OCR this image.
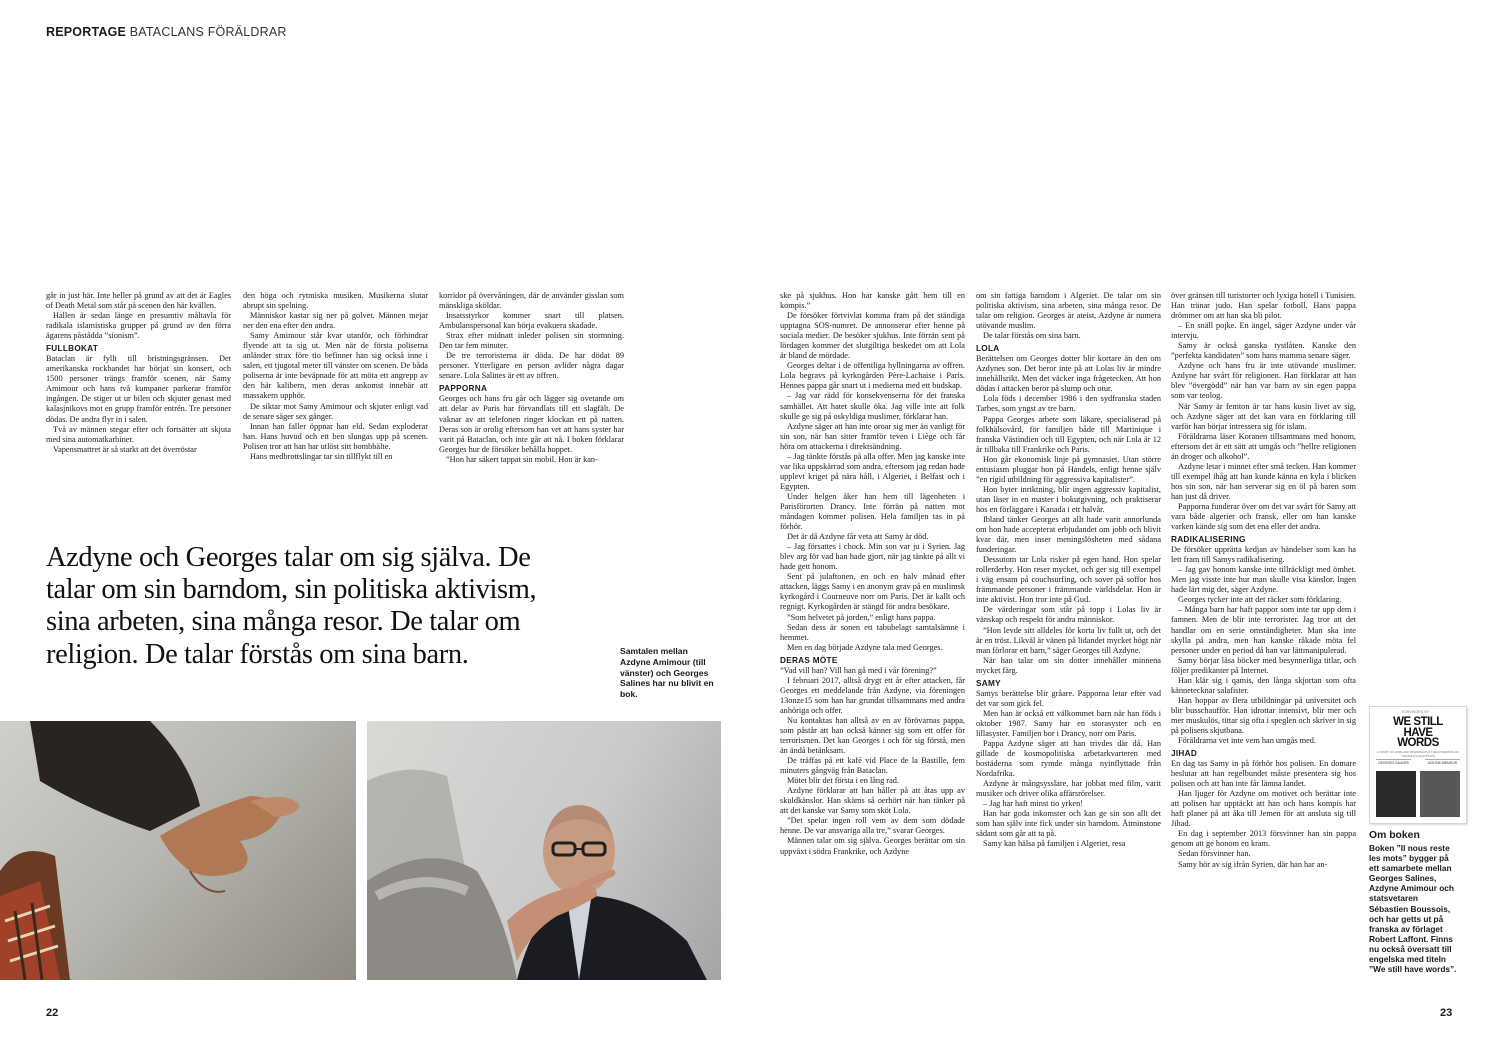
REPORTAGE BATACLANS FÖRÄLDRAR

går in just här. Inte heller på grund av att det är Eagles of Death Metal som står på scenen den här kvällen.

Hallen är sedan länge en presumtiv måltavla för radikala islamistiska grupper på grund av den förra ägarens påstådda ”sionism”.

FULLBOKAT

Bataclan är fyllt till bristningsgränsen. Det amerikanska rockbandet har börjat sin konsert, och 1500 personer trängs framför scenen, när Samy Amimour och hans två kumpaner parkerar framför ingången. De stiger ut ur bilen och skjuter genast med kalasjnikovs mot en grupp framför entrén. Tre personer dödas. De andra flyr in i salen.

Två av männen stegar efter och fortsätter att skjuta med sina automatkarbiner.

Vapensmattret är så starkt att det överröstar

den höga och rytmiska musiken. Musikerna slutar abrupt sin spelning.

Människor kastar sig ner på golvet. Männen mejar ner den ena efter den andra.

Samy Amimour står kvar utanför, och förhindrar flyende att ta sig ut. Men när de första poliserna anländer strax före tio befinner han sig också inne i salen, ett tjugotal meter till vänster om scenen. De båda poliserna är inte beväpnade för att möta ett angrepp av den här kalibern, men deras ankomst innebär att massakern upphör.

De siktar mot Samy Amimour och skjuter enligt vad de senare säger sex gånger.

Innan han faller öppnar han eld. Sedan exploderar han. Hans huvud och ett ben slungas upp på scenen. Polisen tror att han har utlöst sitt bombbälte.

Hans medbrottslingar tar sin tillflykt till en

korridor på övervåningen, där de använder gisslan som mänskliga sköldar.

Insatsstyrkor kommer snart till platsen. Ambulanspersonal kan börja evakuera skadade.

Strax efter midnatt inleder polisen sin stormning. Den tar fem minuter.

De tre terroristerna är döda. De har dödat 89 personer. Ytterligare en person avlider några dagar senare. Lola Salines är ett av offren.

PAPPORNA

Georges och hans fru går och lägger sig ovetande om att delar av Paris har förvandlats till ett slagfält. De vaknar av att telefonen ringer klockan ett på natten. Deras son är orolig eftersom han vet att hans syster har varit på Bataclan, och inte går att nå. I boken förklarar Georges hur de försöker behålla hoppet.

”Hon har säkert tappat sin mobil. Hon är kan-

Azdyne och Georges talar om sig själva. De talar om sin barndom, sin politiska aktivism, sina arbeten, sina många resor. De talar om religion. De talar förstås om sina barn.	Samtalen mellan Azdyne Amimour (till vänster) och Georges Salines har nu blivit en bok.
22

ske på sjukhus. Hon har kanske gått hem till en kompis.”

De försöker förtvivlat komma fram på det ständiga upptagna SOS-numret. De annonserar efter henne på sociala medier. De besöker sjukhus. Inte förrän sent på lördagen kommer det slutgiltiga beskedet om att Lola är bland de mördade.

Georges deltar i de offentliga hyllningarna av offren. Lola begravs på kyrkogården Père-Lachaise i Paris. Hennes pappa går snart ut i medierna med ett budskap.

– Jag var rädd för konsekvenserna för det franska samhället. Att hatet skulle öka. Jag ville inte att folk skulle ge sig på oskyldiga muslimer, förklarar han.

Azdyne säger att han inte oroar sig mer än vanligt för sin son, när han sitter framför teven i Liège och får höra om attackerna i direktsändning.

– Jag tänkte förstås på alla offer. Men jag kanske inte var lika uppskärrad som andra, eftersom jag redan hade upplevt kriget på nära håll, i Algeriet, i Belfast och i Egypten.

Under helgen åker han hem till lägenheten i Parisförorten Drancy. Inte förrän på natten mot måndagen kommer polisen. Hela familjen tas in på förhör.

Det är då Azdyne får veta att Samy är död.

– Jag försattes i chock. Min son var ju i Syrien. Jag blev arg för vad han hade gjort, när jag tänkte på allt vi hade gett honom.

Sent på julaftonen, en och en halv månad efter attacken, läggs Samy i en anonym grav på en muslimsk kyrkogård i Courneuve norr om Paris. Det är kallt och regnigt. Kyrkogården är stängd för andra besökare.

”Som helvetet på jorden,” enligt hans pappa.

Sedan dess är sonen ett tabubelagt samtalsämne i hemmet.

Men en dag började Azdyne tala med Georges.

DERAS MÖTE

”Vad vill han? Vill han gå med i vår förening?”

I februari 2017, alltså drygt ett år efter attacken, får Georges ett meddelande från Azdyne, via föreningen 13onze15 som han har grundat tillsammans med andra anhöriga och offer.

Nu kontaktas han alltså av en av förövarnas pappa, som påstår att han också känner sig som ett offer för terrorismen. Det kan Georges i och för sig förstå, men än ändå betänksam.

De träffas på ett kafé vid Place de la Bastille, fem minuters gångväg från Bataclan.

Mötet blir det första i en lång rad.

Azdyne förklarar att han håller på att åtas upp av skuldkänslor. Han skäms så oerhört när han tänker på att det kanske var Samy som sköt Lola.

”Det spelar ingen roll vem av dem som dödade henne. De var ansvariga alla tre,” svarar Georges.

Männen talar om sig själva. Georges berättar om sin uppväxt i södra Frankrike, och Azdyne

om sin fattiga barndom i Algeriet. De talar om sin politiska aktivism, sina arbeten, sina många resor. De talar om religion. Georges är ateist, Azdyne är numera utövande muslim.

De talar förstås om sina barn.

LOLA

Berättelsen om Georges dotter blir kortare än den om Azdynes son. Det beror inte på att Lolas liv är mindre innehållsrikt. Men det väcker inga frågetecken. Att hon dödas i attacken beror på slump och otur.

Lola föds i december 1986 i den sydfranska staden Tarbes, som yngst av tre barn.

Pappa Georges arbete som läkare, specialiserad på folkhälsovård, för familjen både till Martinique i franska Västindien och till Egypten, och när Lola är 12 år tillbaka till Frankrike och Paris.

Hon går ekonomisk linje på gymnasiet. Utan större entusiasm pluggar hon på Handels, enligt henne själv ”en rigid utbildning för aggressiva kapitalister”.

Hon byter inriktning, blir ingen aggressiv kapitalist, utan läser in en master i bokutgivning, och praktiserar hos en förläggare i Kanada i ett halvår.

Ibland tänker Georges att allt hade varit annorlunda om hon hade accepterat erbjudandet om jobb och blivit kvar där, men inser meningslösheten med sådana funderingar.

Dessutom tar Lola risker på egen hand. Hon spelar rollerderby. Hon reser mycket, och ger sig till exempel i väg ensam på couchsurfing, och sover på soffor hos främmande personer i främmande världsdelar. Hon är inte aktivist. Hon tror inte på Gud.

De värderingar som står på topp i Lolas liv är vänskap och respekt för andra människor.

”Hon levde sitt alldeles för korta liv fullt ut, och det är en tröst. Likväl är vänen på lidandet mycket högt när man förlorar ett barn,” säger Georges till Azdyne.

När han talar om sin dotter innehåller minnena mycket färg.

SAMY

Samys berättelse blir gråare. Papporna letar efter vad det var som gick fel.

Men han är också ett välkommet barn när han föds i oktober 1987. Samy har en storasyster och en lillasyster. Familjen bor i Drancy, norr om Paris.

Pappa Azdyne säger att han trivdes där då. Han gillade de kosmopolitiska arbetarkvarteren med bostäderna som rymde många nyinflyttade från Nordafrika.

Azdyne är mångsysslare, har jobbat med film, varit musiker och driver olika affärsrörelser.

– Jag har haft minst tio yrken!

Han har goda inkomster och kan ge sin son allt det som han själv inte fick under sin barndom. Åtminstone sådant som går att ta på.

Samy kan hälsa på familjen i Algeriet, resa

över gränsen till turistorter och lyxiga hotell i Tunisien. Han tränar judo. Han spelar fotboll. Hans pappa drömmer om att han ska bli pilot.

– En snäll pojke. En ängel, säger Azdyne under vår intervju.

Samy är också ganska tystlåten. Kanske den ”perfekta kandidaten” som hans mamma senare säger.

Azdyne och hans fru är inte utövande muslimer. Azdyne har svårt för religionen. Han förklarar att han blev ”övergödd” när han var barn av sin egen pappa som var teolog.

När Samy är femton är tar hans kusin livet av sig, och Azdyne säger att det kan vara en förklaring till varför han börjar intressera sig för islam.

Föräldrarna läser Koranen tillsammans med honom, eftersom det är ett sätt att umgås och ”hellre religionen än droger och alkohol”.

Azdyne letar i minnet efter små tecken. Han kommer till exempel ihåg att han kunde känna en kyla i blicken hos sin son, när han serverar sig en öl på baren som han just då driver.

Papporna funderar över om det var svårt för Samy att vara både algerier och fransk, eller om han kanske varken kände sig som det ena eller det andra.

RADIKALISERING

De försöker upprätta kedjan av händelser som kan ha lett fram till Samys radikalisering.

– Jag gav honom kanske inte tillräckligt med ömhet. Men jag visste inte hur man skulle visa känslor. Ingen hade lärt mig det, säger Azdyne.

Georges tycker inte att det räcker som förklaring.

– Många barn har haft pappor som inte tar upp dem i famnen. Men de blir inte terrorister. Jag tror att det handlar om en serie omständigheter. Man ska inte skylla på andra, men han kanske råkade möta fel personer under en period då han var lättmanipulerad.

Samy börjar läsa böcker med besynnerliga titlar, och följer predikanter på Internet.

Han klär sig i qamis, den långa skjortan som ofta kännetecknar salafister.

Han hoppar av flera utbildningar på universitet och blir busschaufför. Han idrottar intensivt, blir mer och mer muskulös, tittar sig ofta i speglen och skriver in sig på polisens skjutbana.

Föräldrarna vet inte vem han umgås med.

JIHAD

En dag tas Samy in på förhör hos polisen. En domare beslutar att han regelbundet måste presentera sig hos polisen och att han inte får lämna landet.

Han ljuger för Azdyne om motivet och berättar inte att polisen har upptäckt att han och hans kompis har haft planer på att åka till Jemen för att ansluta sig till Jihad.

En dag i september 2013 försvinner han sin pappa genom att ge honom en kram.

Sedan försvinner han.

Samy hör av sig ifrån Syrien, där han har an-

FOREWORD BY ...
WE STILL
HAVE
WORDS
A STORY OF HOPE AND FRIENDSHIP IN THE AFTERMATH OF THE BATACLAN ATTACKS
GEORGES SALINES	AZDYNE AMIMOUR
Om boken
Boken ”Il nous reste les mots” bygger på ett samarbete mellan Georges Salines, Azdyne Amimour och statsvetaren Sébastien Boussois, och har getts ut på franska av förlaget Robert Laffont. Finns nu också översatt till engelska med titeln ”We still have words”.
23
